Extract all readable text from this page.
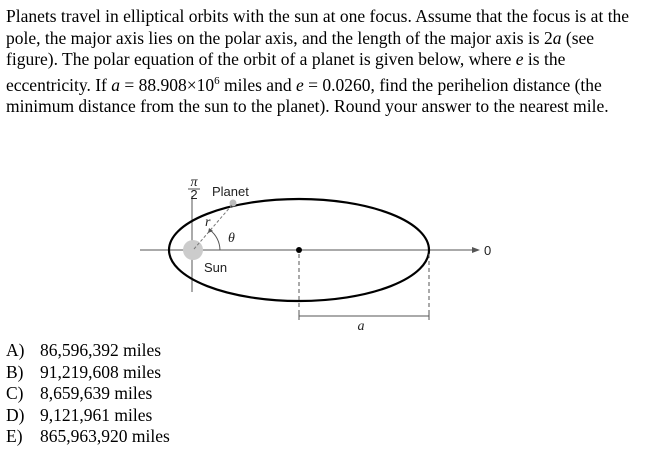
Planets travel in elliptical orbits with the sun at one focus. Assume that the focus is at the pole, the major axis lies on the polar axis, and the length of the major axis is 2a (see figure). The polar equation of the orbit of a planet is given below, where e is the eccentricity. If $a = 88.908\times 10^6$ miles and e = 0.0260, find the perihelion distance (the minimum distance from the sun to the planet). Round your answer to the nearest mile.

π
2 Planet
r
θ
Sun
0
a
A) 86,596,392 miles
B) 91,219,608 miles
C) 8,659,639 miles
D) 9,121,961 miles
E) 865,963,920 miles
